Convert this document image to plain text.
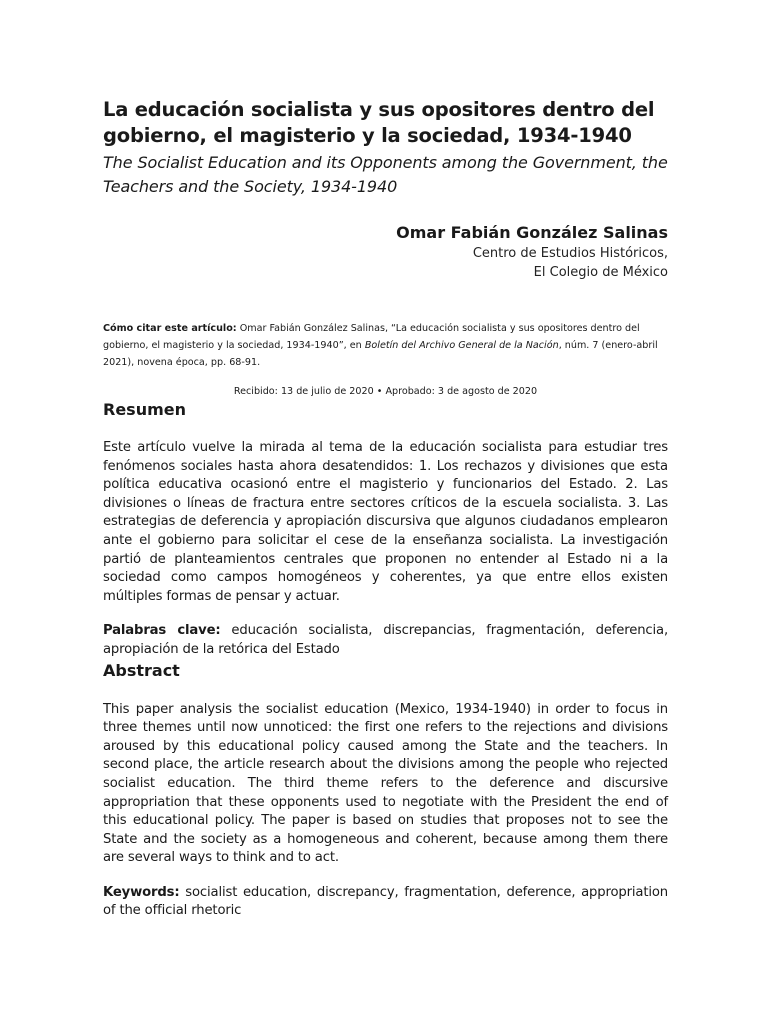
La educación socialista y sus opositores dentro del gobierno, el magisterio y la sociedad, 1934-1940

The Socialist Education and its Opponents among the Government, the Teachers and the Society, 1934-1940

Omar Fabián González Salinas
Centro de Estudios Históricos,
El Colegio de México
Cómo citar este artículo: Omar Fabián González Salinas, “La educación socialista y sus opositores dentro del gobierno, el magisterio y la sociedad, 1934-1940”, en Boletín del Archivo General de la Nación, núm. 7 (enero-abril 2021), novena época, pp. 68-91.
Recibido: 13 de julio de 2020 • Aprobado: 3 de agosto de 2020
Resumen

Este artículo vuelve la mirada al tema de la educación socialista para estudiar tres fenómenos sociales hasta ahora desatendidos: 1. Los rechazos y divisiones que esta política educativa ocasionó entre el magisterio y funcionarios del Estado. 2. Las divisiones o líneas de fractura entre sectores críticos de la escuela socialista. 3. Las estrategias de deferencia y apropiación discursiva que algunos ciudadanos emplearon ante el gobierno para solicitar el cese de la enseñanza socialista. La investigación partió de planteamientos centrales que proponen no entender al Estado ni a la sociedad como campos homogéneos y coherentes, ya que entre ellos existen múltiples formas de pensar y actuar.

Palabras clave: educación socialista, discrepancias, fragmentación, deferencia, apropiación de la retórica del Estado
Abstract

This paper analysis the socialist education (Mexico, 1934-1940) in order to focus in three themes until now unnoticed: the first one refers to the rejections and divisions aroused by this educational policy caused among the State and the teachers. In second place, the article research about the divisions among the people who rejected socialist education. The third theme refers to the deference and discursive appropriation that these opponents used to negotiate with the President the end of this educational policy. The paper is based on studies that proposes not to see the State and the society as a homogeneous and coherent, because among them there are several ways to think and to act.

Keywords: socialist education, discrepancy, fragmentation, deference, appropriation of the official rhetoric
